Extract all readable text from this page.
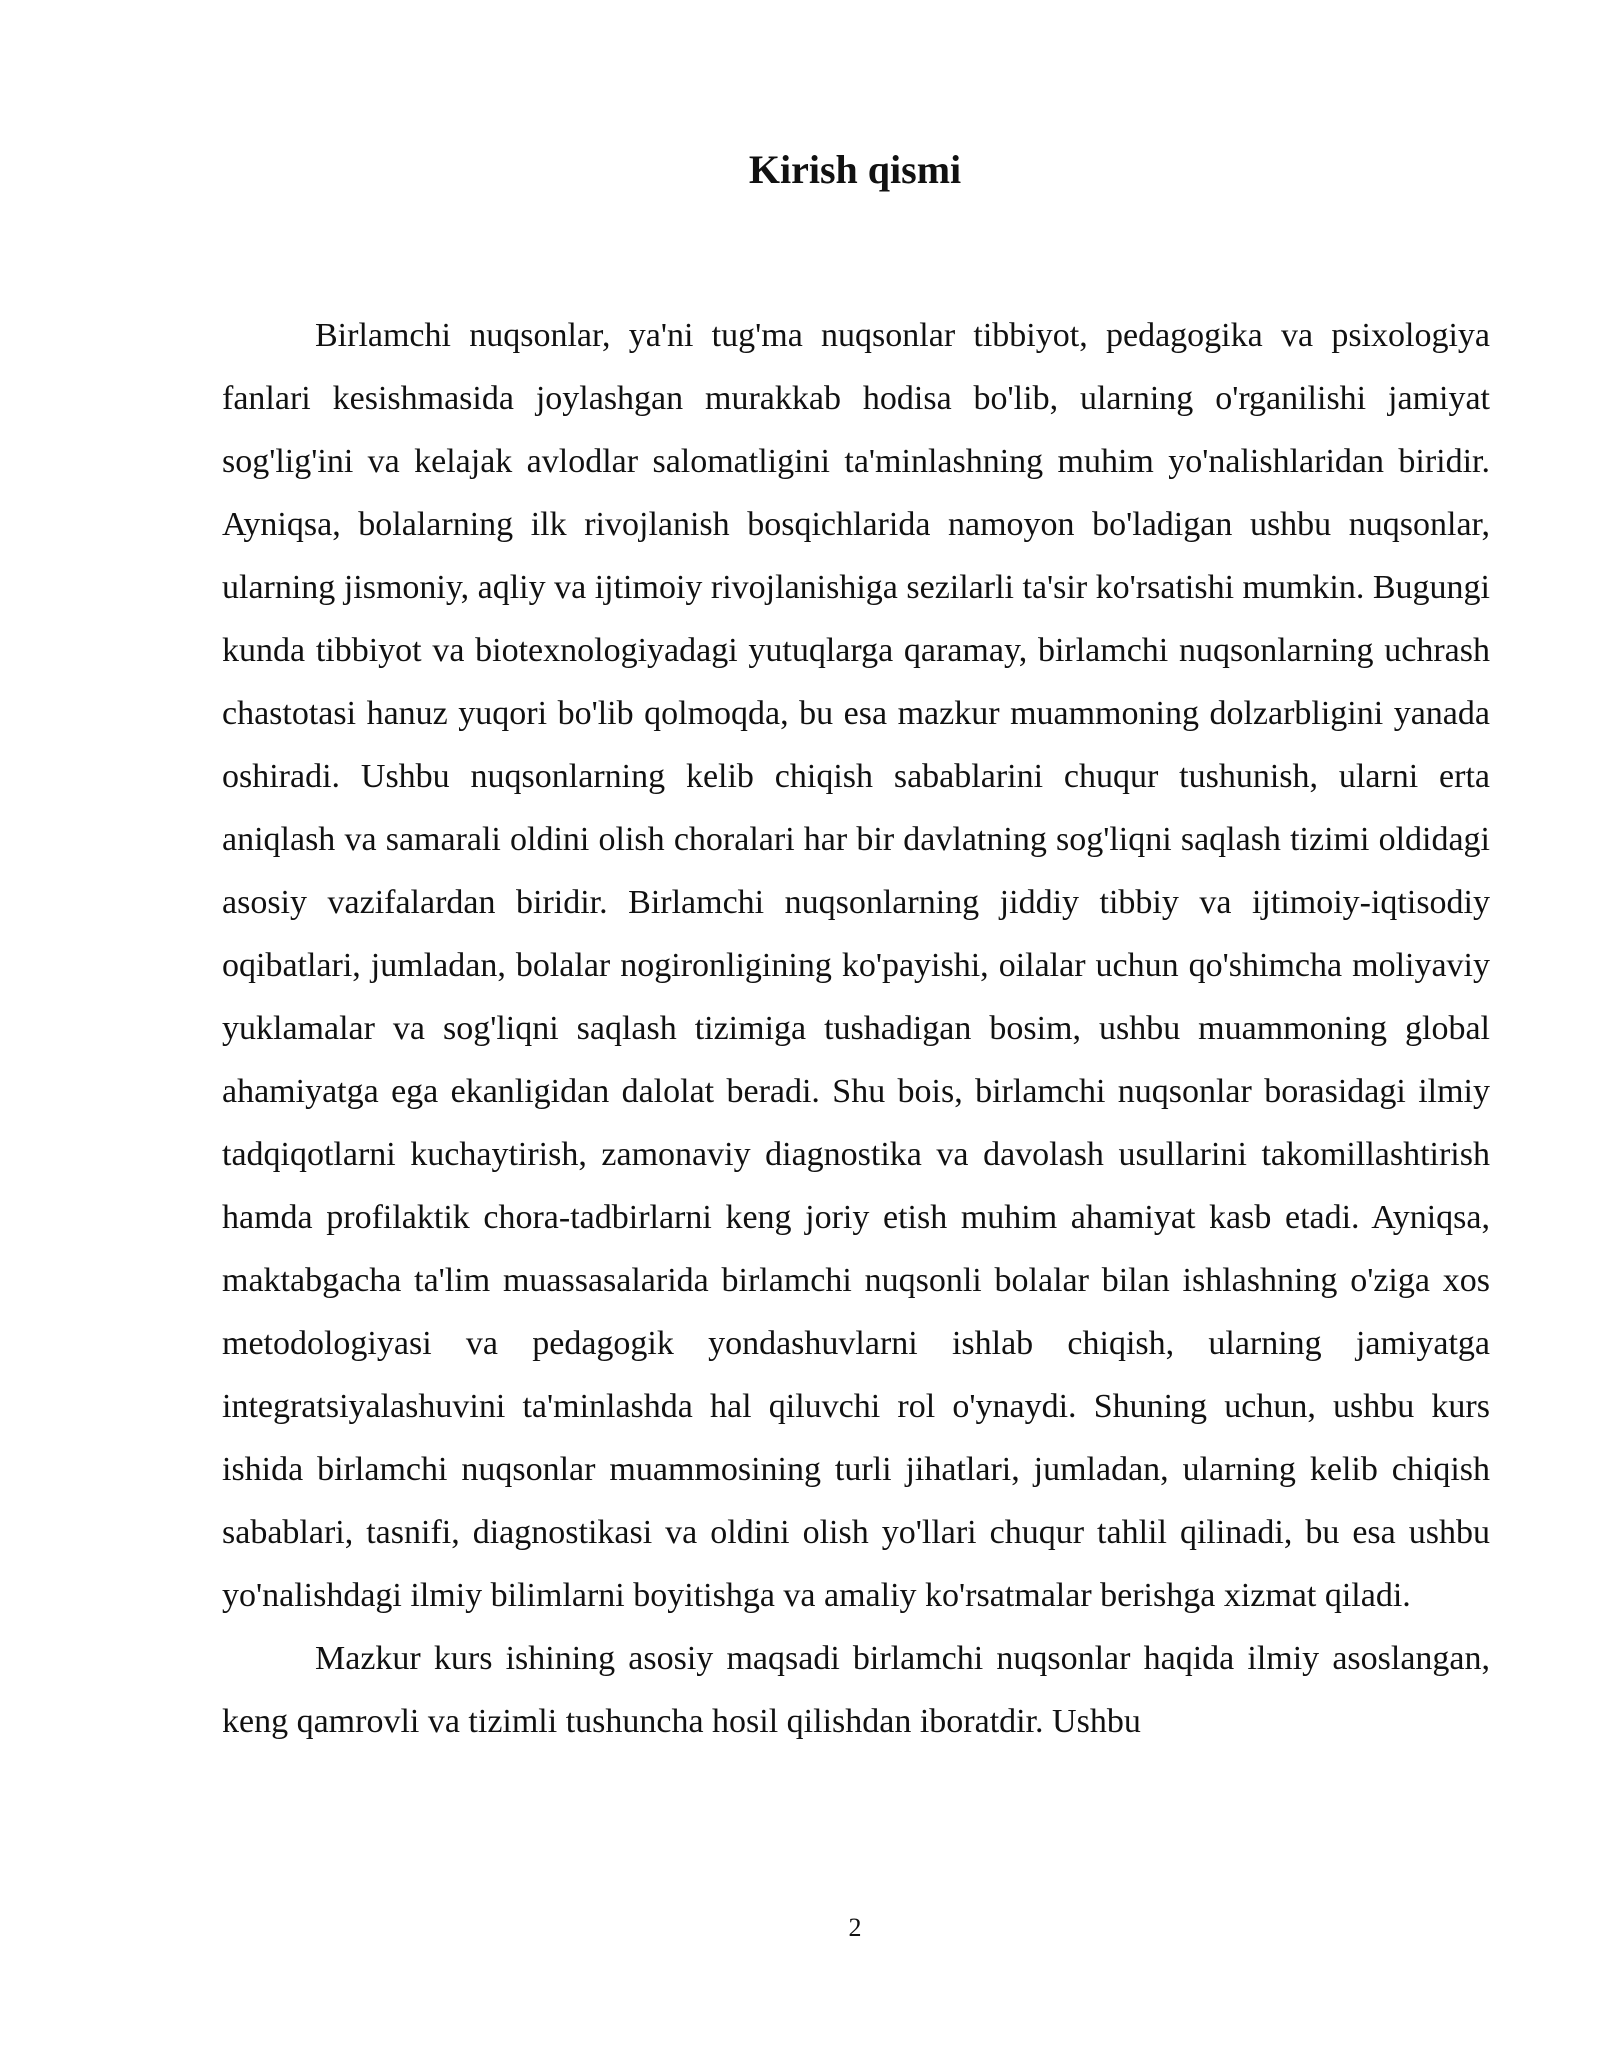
Kirish qismi

Birlamchi nuqsonlar, ya'ni tug'ma nuqsonlar tibbiyot, pedagogika va psixologiya fanlari kesishmasida joylashgan murakkab hodisa bo'lib, ularning o'rganilishi jamiyat sog'lig'ini va kelajak avlodlar salomatligini ta'minlashning muhim yo'nalishlaridan biridir. Ayniqsa, bolalarning ilk rivojlanish bosqichlarida namoyon bo'ladigan ushbu nuqsonlar, ularning jismoniy, aqliy va ijtimoiy rivojlanishiga sezilarli ta'sir ko'rsatishi mumkin. Bugungi kunda tibbiyot va biotexnologiyadagi yutuqlarga qaramay, birlamchi nuqsonlarning uchrash chastotasi hanuz yuqori bo'lib qolmoqda, bu esa mazkur muammoning dolzarbligini yanada oshiradi. Ushbu nuqsonlarning kelib chiqish sabablarini chuqur tushunish, ularni erta aniqlash va samarali oldini olish choralari har bir davlatning sog'liqni saqlash tizimi oldidagi asosiy vazifalardan biridir. Birlamchi nuqsonlarning jiddiy tibbiy va ijtimoiy-iqtisodiy oqibatlari, jumladan, bolalar nogironligining ko'payishi, oilalar uchun qo'shimcha moliyaviy yuklamalar va sog'liqni saqlash tizimiga tushadigan bosim, ushbu muammoning global ahamiyatga ega ekanligidan dalolat beradi. Shu bois, birlamchi nuqsonlar borasidagi ilmiy tadqiqotlarni kuchaytirish, zamonaviy diagnostika va davolash usullarini takomillashtirish hamda profilaktik chora-tadbirlarni keng joriy etish muhim ahamiyat kasb etadi. Ayniqsa, maktabgacha ta'lim muassasalarida birlamchi nuqsonli bolalar bilan ishlashning o'ziga xos metodologiyasi va pedagogik yondashuvlarni ishlab chiqish, ularning jamiyatga integratsiyalashuvini ta'minlashda hal qiluvchi rol o'ynaydi. Shuning uchun, ushbu kurs ishida birlamchi nuqsonlar muammosining turli jihatlari, jumladan, ularning kelib chiqish sabablari, tasnifi, diagnostikasi va oldini olish yo'llari chuqur tahlil qilinadi, bu esa ushbu yo'nalishdagi ilmiy bilimlarni boyitishga va amaliy ko'rsatmalar berishga xizmat qiladi.

Mazkur kurs ishining asosiy maqsadi birlamchi nuqsonlar haqida ilmiy asoslangan, keng qamrovli va tizimli tushuncha hosil qilishdan iboratdir. Ushbu

2
